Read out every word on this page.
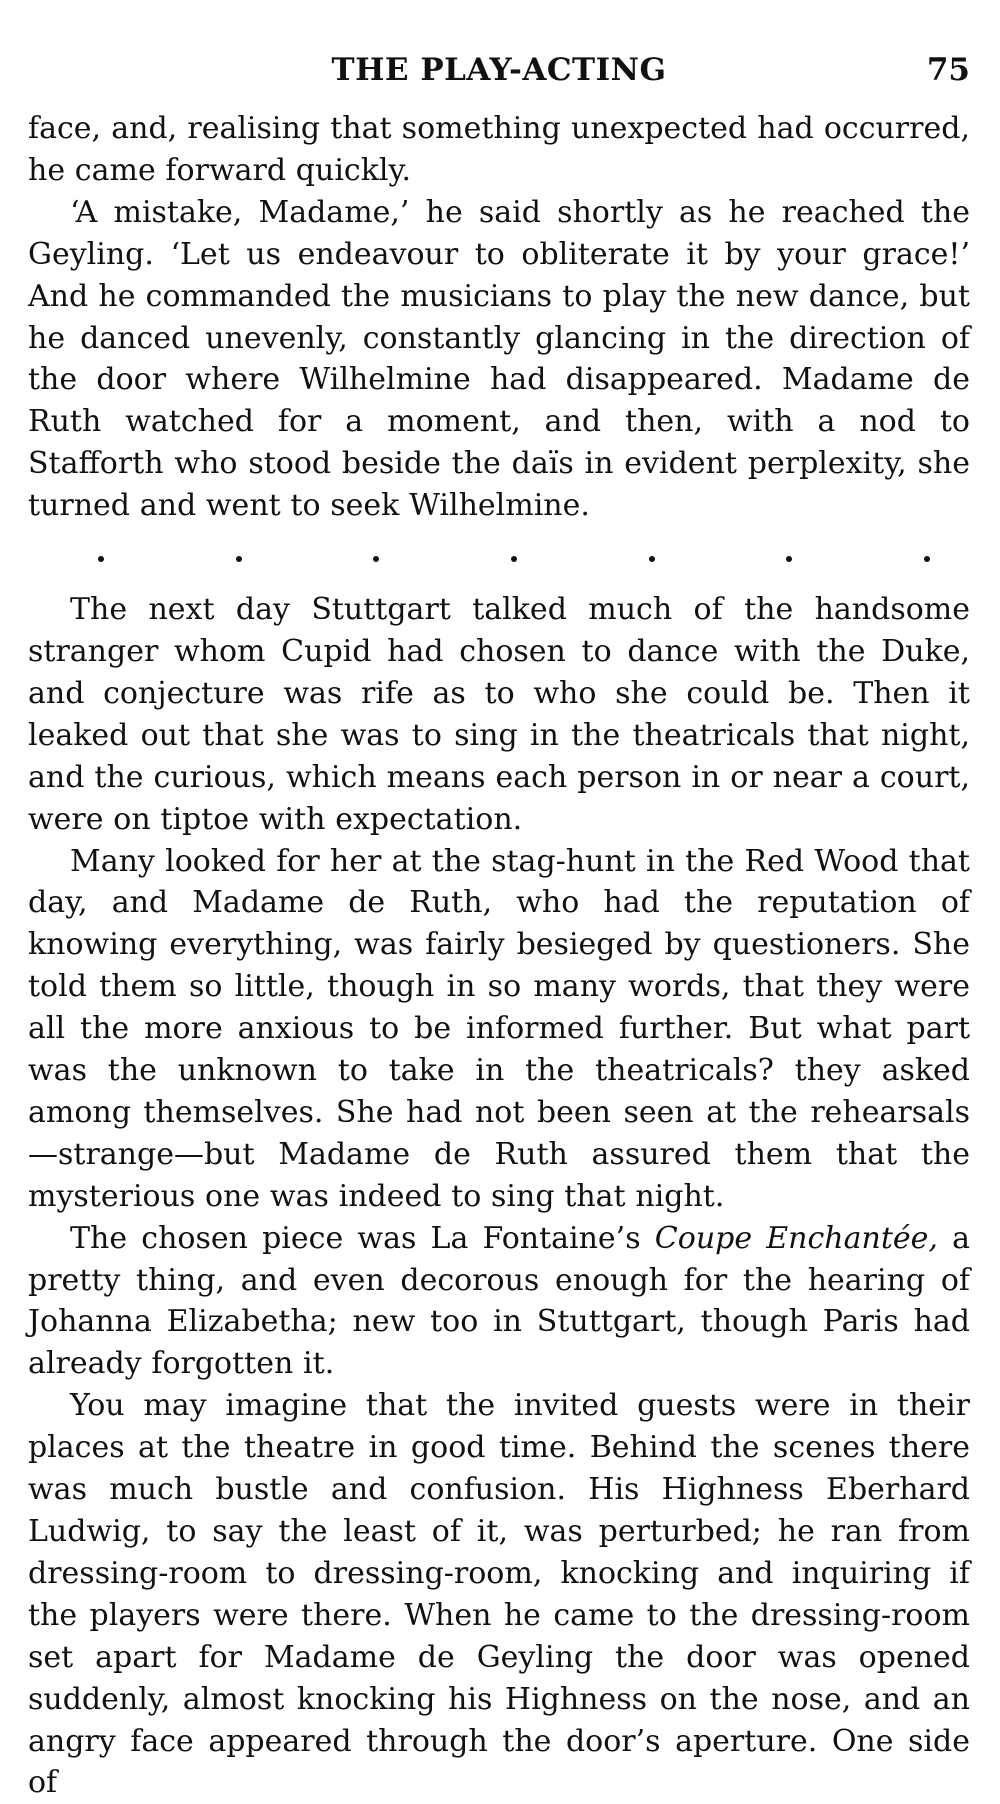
THE PLAY-ACTING	75

face, and, realising that something unexpected had occurred, he came forward quickly.

‘A mistake, Madame,’ he said shortly as he reached the Geyling. ‘Let us endeavour to obliterate it by your grace!’ And he commanded the musicians to play the new dance, but he danced unevenly, constantly glancing in the direction of the door where Wilhelmine had disappeared. Madame de Ruth watched for a moment, and then, with a nod to Stafforth who stood beside the daïs in evident perplexity, she turned and went to seek Wilhelmine.

The next day Stuttgart talked much of the handsome stranger whom Cupid had chosen to dance with the Duke, and conjecture was rife as to who she could be. Then it leaked out that she was to sing in the theatricals that night, and the curious, which means each person in or near a court, were on tiptoe with expectation.

Many looked for her at the stag-hunt in the Red Wood that day, and Madame de Ruth, who had the reputation of knowing everything, was fairly besieged by questioners. She told them so little, though in so many words, that they were all the more anxious to be informed further. But what part was the unknown to take in the theatricals? they asked among themselves. She had not been seen at the rehearsals—strange—but Madame de Ruth assured them that the mysterious one was indeed to sing that night.

The chosen piece was La Fontaine’s Coupe Enchantée, a pretty thing, and even decorous enough for the hearing of Johanna Elizabetha; new too in Stuttgart, though Paris had already forgotten it.

You may imagine that the invited guests were in their places at the theatre in good time. Behind the scenes there was much bustle and confusion. His Highness Eberhard Ludwig, to say the least of it, was perturbed; he ran from dressing-room to dressing-room, knocking and inquiring if the players were there. When he came to the dressing-room set apart for Madame de Geyling the door was opened suddenly, almost knocking his Highness on the nose, and an angry face appeared through the door’s aperture. One side of
